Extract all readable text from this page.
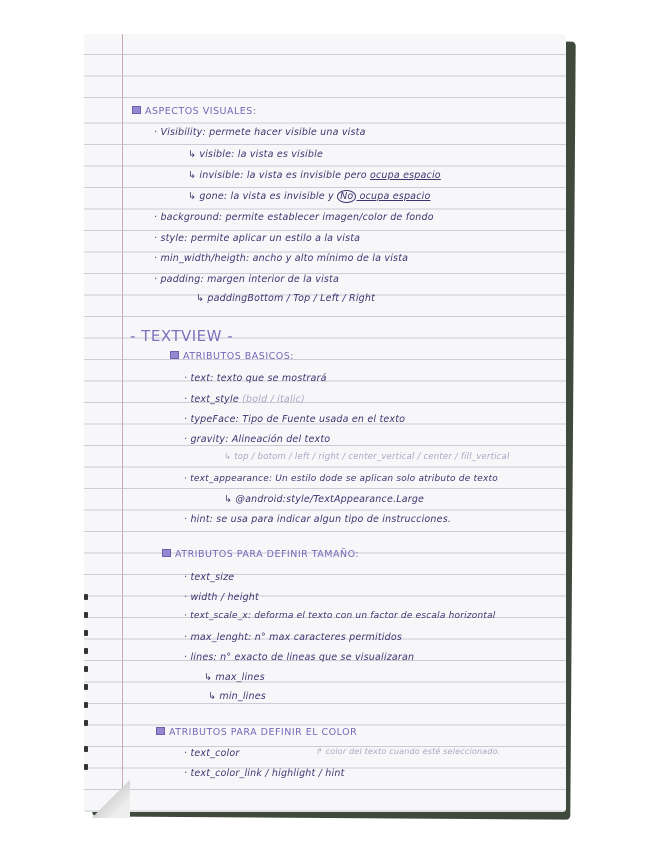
ASPECTOS VISUALES:
· Visibility: permete hacer visible una vista
↳ visible: la vista es visible
↳ invisible: la vista es invisible pero ocupa espacio
↳ gone: la vista es invisible y No ocupa espacio
· background: permite establecer imagen/color de fondo
· style: permite aplicar un estilo a la vista
· min_width/heigth: ancho y alto mínimo de la vista
· padding: margen interior de la vista
↳ paddingBottom / Top / Left / Right
- TEXTVIEW -
ATRIBUTOS BASICOS:
· text: texto que se mostrará
· text_style (bold / italic)
· typeFace: Tipo de Fuente usada en el texto
· gravity: Alineación del texto
↳ top / botom / left / right / center_vertical / center / fill_vertical
· text_appearance: Un estilo dode se aplican solo atributo de texto
↳ @android:style/TextAppearance.Large
· hint: se usa para indicar algun tipo de instrucciones.
ATRIBUTOS PARA DEFINIR TAMAÑO:
· text_size
· width / height
· text_scale_x: deforma el texto con un factor de escala horizontal
· max_lenght: n° max caracteres permitidos
· lines: n° exacto de lineas que se visualizaran
↳ max_lines
↳ min_lines
ATRIBUTOS PARA DEFINIR EL COLOR
· text_color	↱ color del texto cuando esté seleccionado.
· text_color_link / highlight / hint
